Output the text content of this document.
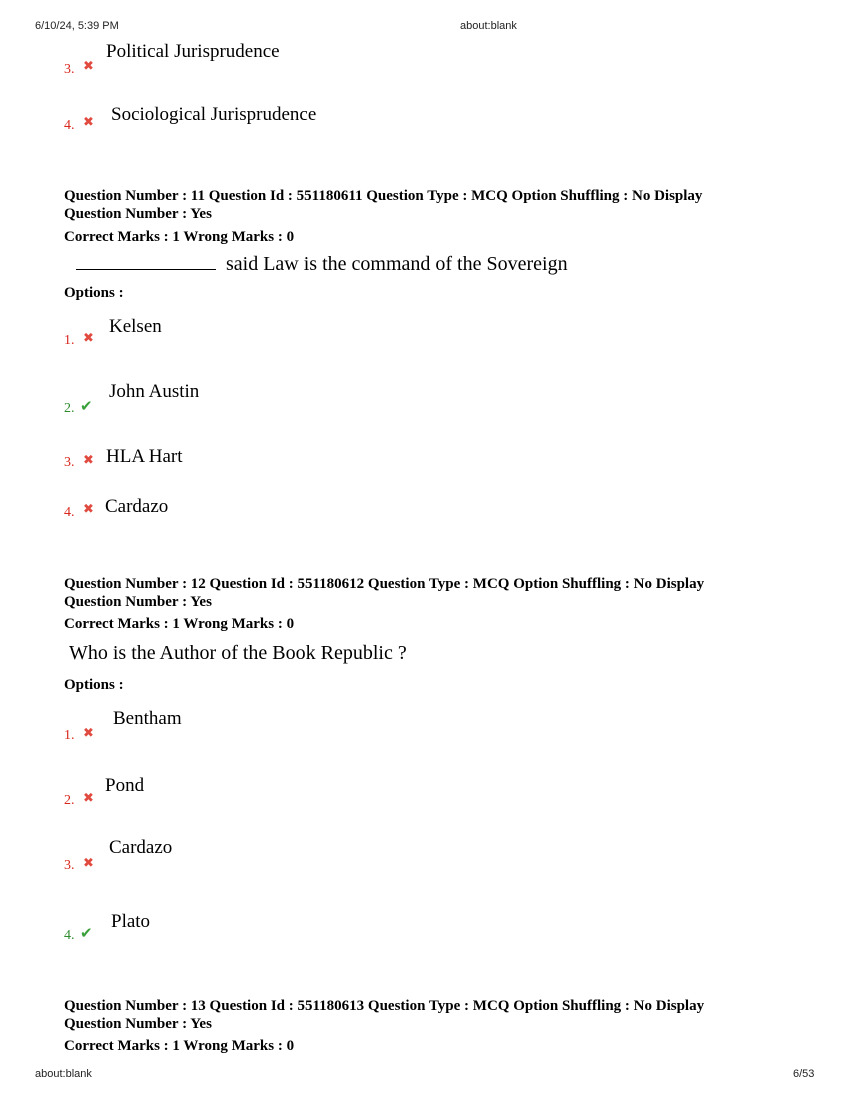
6/10/24, 5:39 PM	about:blank
about:blank	6/53
3. ✖
Political Jurisprudence
4. ✖ Sociological Jurisprudence
Question Number : 11 Question Id : 551180611 Question Type : MCQ Option Shuffling : No Display
Question Number : Yes
Correct Marks : 1 Wrong Marks : 0
said Law is the command of the Sovereign
Options :
1. ✖
Kelsen
2. ✔
John Austin
3. ✖ HLA Hart
4. ✖ Cardazo
Question Number : 12 Question Id : 551180612 Question Type : MCQ Option Shuffling : No Display
Question Number : Yes
Correct Marks : 1 Wrong Marks : 0
Who is the Author of the Book Republic ?
Options :
1. ✖
Bentham
2. ✖
Pond
3. ✖
Cardazo
4. ✔
Plato
Question Number : 13 Question Id : 551180613 Question Type : MCQ Option Shuffling : No Display
Question Number : Yes
Correct Marks : 1 Wrong Marks : 0
